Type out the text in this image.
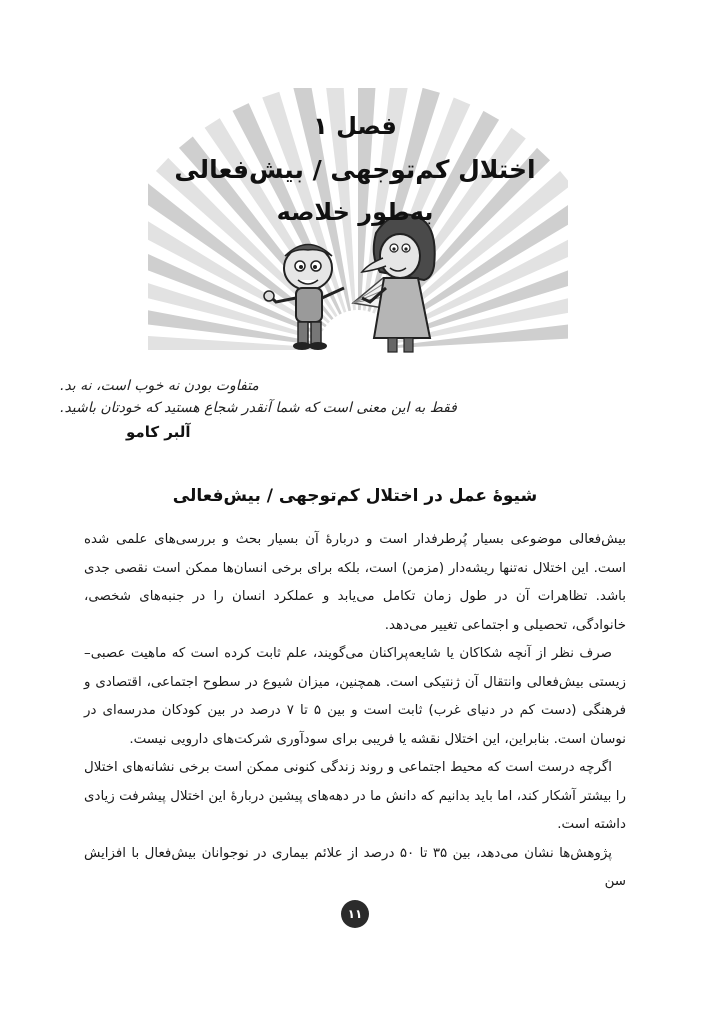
فصل ۱
اختلال کم‌توجهی / بیش‌فعالی
به‌طور خلاصه
متفاوت بودن نه خوب است، نه بد.
فقط به این معنی است که شما آنقدر شجاع هستید که خودتان باشید.
آلبر کامو
شیوهٔ عمل در اختلال کم‌توجهی / بیش‌فعالی

بیش‌فعالی موضوعی بسیار پُرطرفدار است و دربارهٔ آن بسیار بحث و بررسی‌های علمی شده است. این اختلال نه‌تنها ریشه‌دار (مزمن) است، بلکه برای برخی انسان‌ها ممکن است نقصی جدی باشد. تظاهرات آن در طول زمان تکامل می‌یابد و عملکرد انسان را در جنبه‌های شخصی، خانوادگی، تحصیلی و اجتماعی تغییر می‌دهد.

صرف نظر از آنچه شکاکان یا شایعه‌پراکنان می‌گویند، علم ثابت کرده است که ماهیت عصبی–زیستی بیش‌فعالی وانتقال آن ژنتیکی است. همچنین، میزان شیوع در سطوح اجتماعی، اقتصادی و فرهنگی (دست کم در دنیای غرب) ثابت است و بین ۵ تا ۷ درصد در بین کودکان مدرسه‌ای در نوسان است. بنابراین، این اختلال نقشه یا فریبی برای سودآوری شرکت‌های دارویی نیست.

اگرچه درست است که محیط اجتماعی و روند زندگی کنونی ممکن است برخی نشانه‌های اختلال را بیشتر آشکار کند، اما باید بدانیم که دانش ما در دهه‌های پیشین دربارهٔ این اختلال پیشرفت زیادی داشته است.

پژوهش‌ها نشان می‌دهد، بین ۳۵ تا ۵۰ درصد از علائم بیماری در نوجوانان بیش‌فعال با افزایش سن

۱۱
